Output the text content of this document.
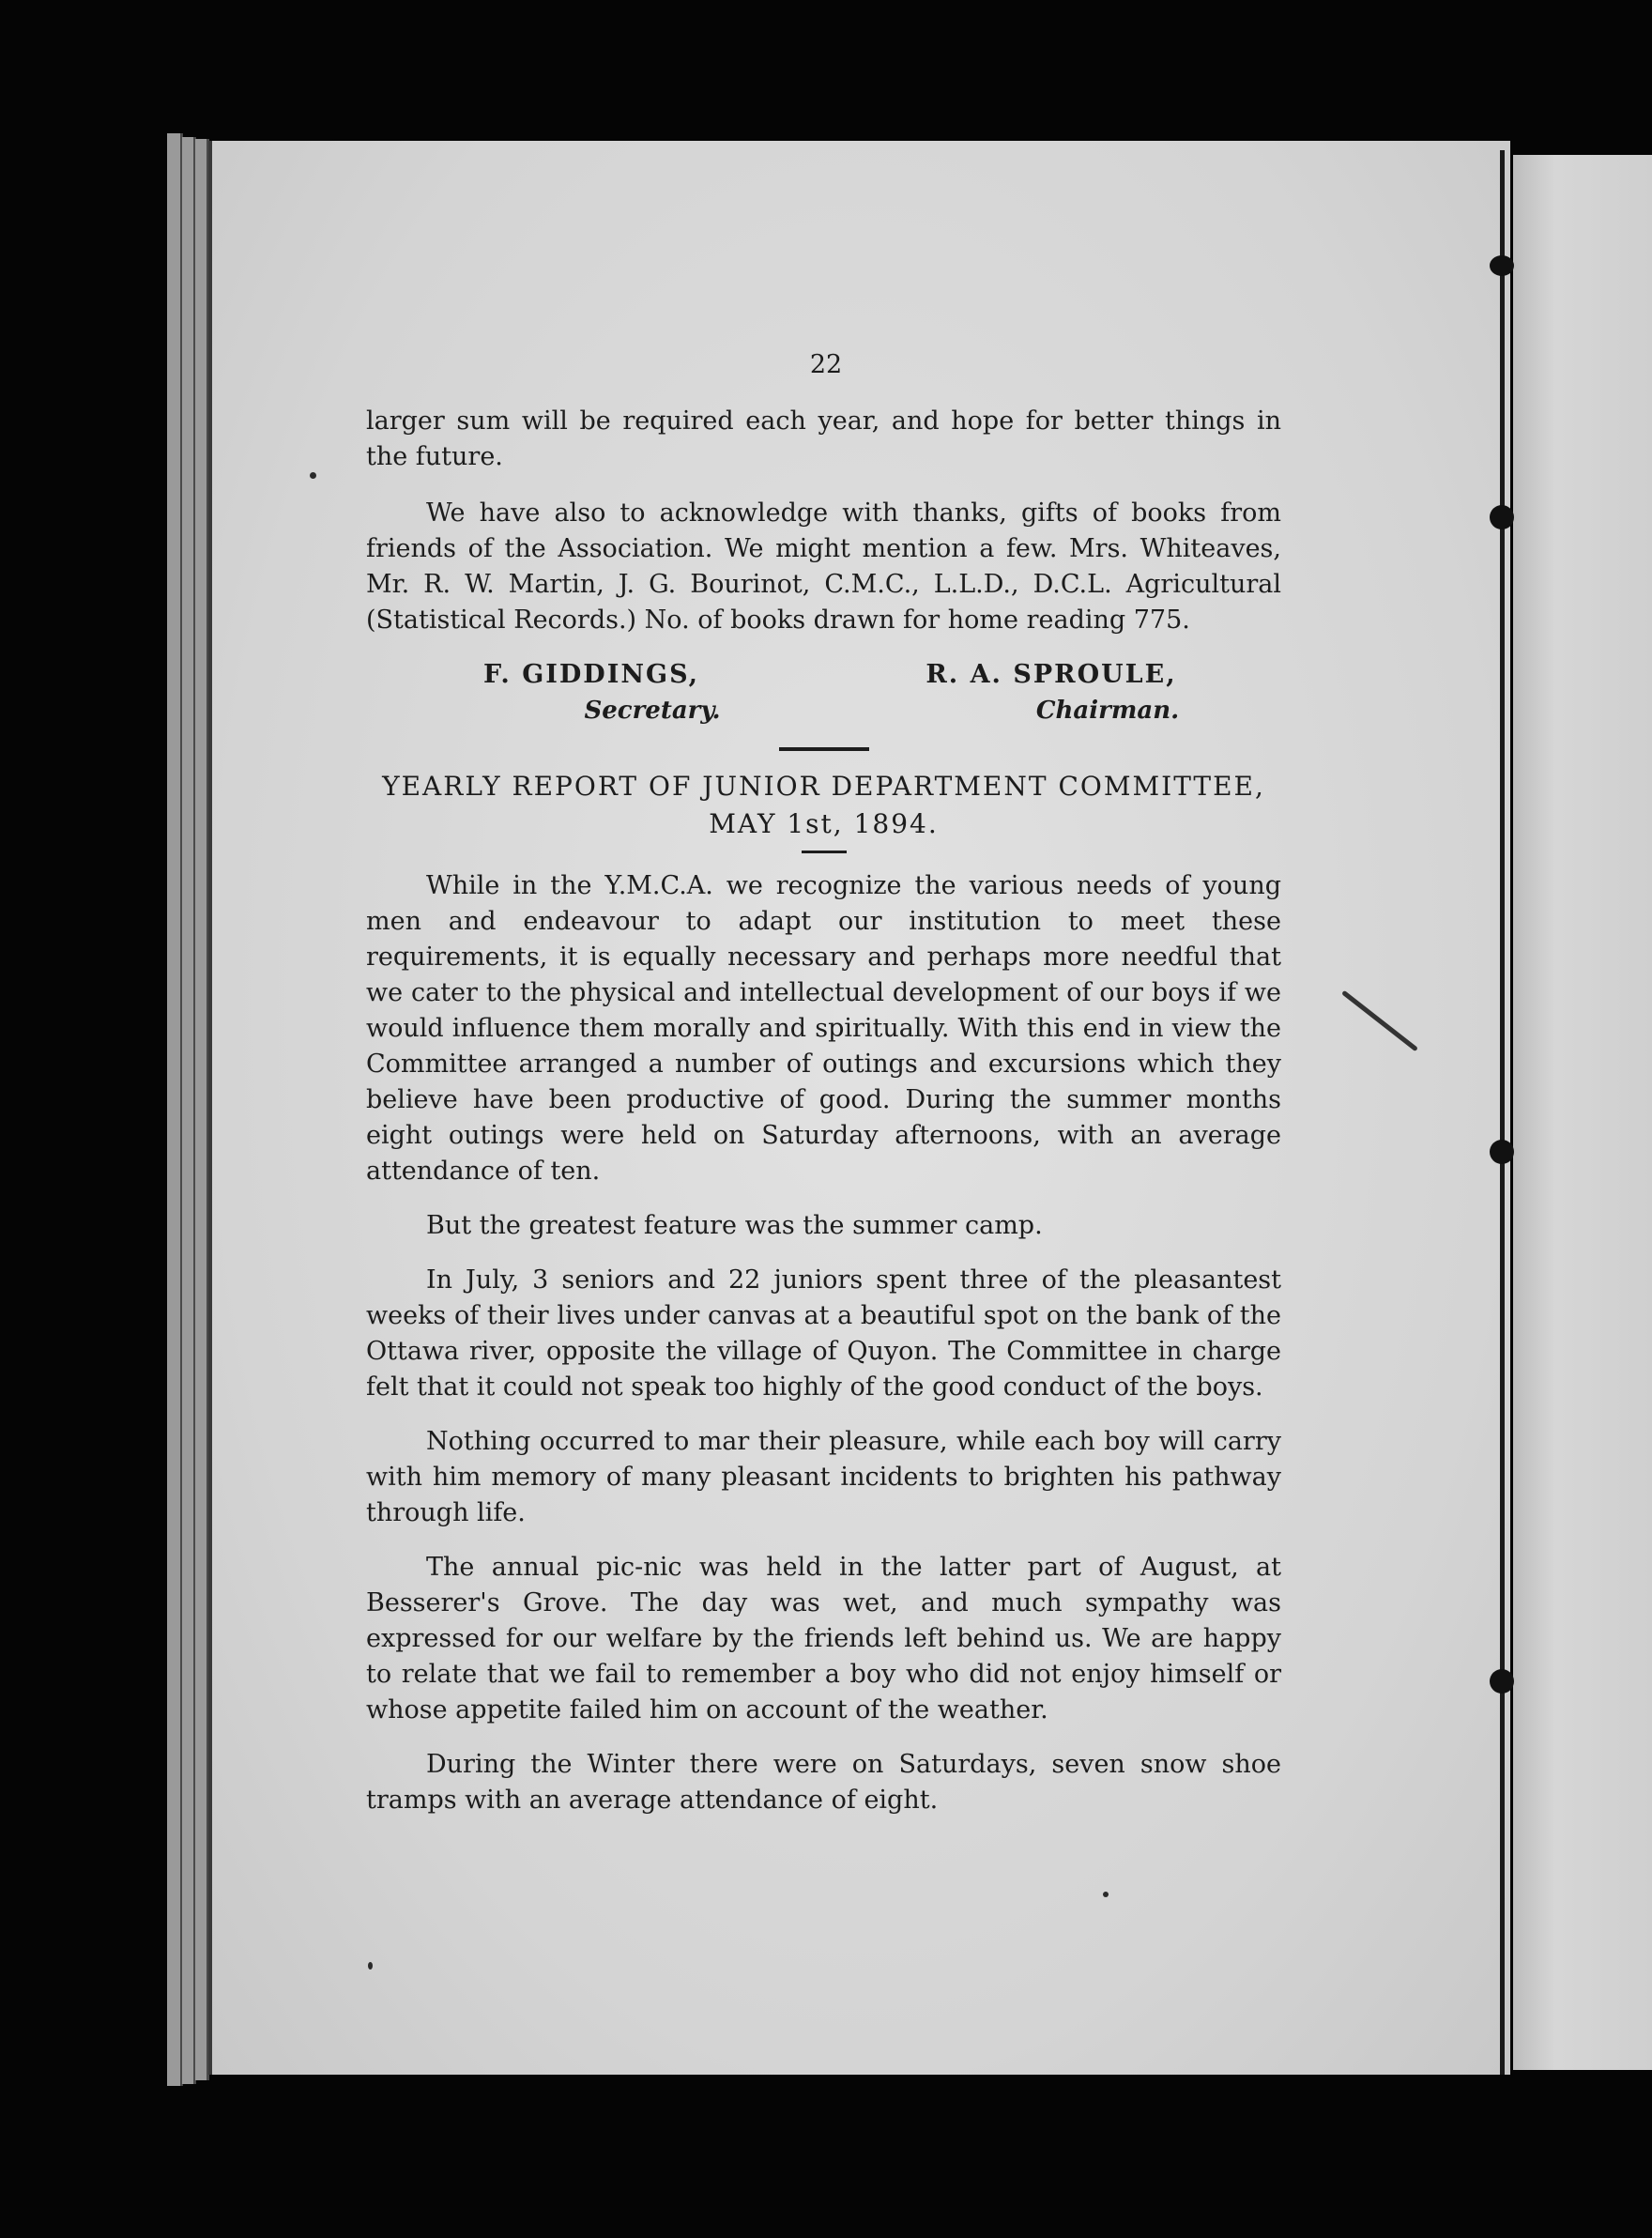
22

larger sum will be required each year, and hope for better things in the future.

We have also to acknowledge with thanks, gifts of books from friends of the Association. We might mention a few. Mrs. Whiteaves, Mr. R. W. Martin, J. G. Bourinot, C.M.C., L.L.D., D.C.L. Agricultural (Statistical Records.) No. of books drawn for home reading 775.

F. GIDDINGS,
Secretary.
R. A. SPROULE,
Chairman.
YEARLY REPORT OF JUNIOR DEPARTMENT COMMITTEE,
MAY 1st, 1894.

While in the Y.M.C.A. we recognize the various needs of young men and endeavour to adapt our institution to meet these requirements, it is equally necessary and perhaps more needful that we cater to the physical and intellectual development of our boys if we would influence them morally and spiritually. With this end in view the Committee arranged a number of outings and excursions which they believe have been productive of good. During the summer months eight outings were held on Saturday afternoons, with an average attendance of ten.

But the greatest feature was the summer camp.

In July, 3 seniors and 22 juniors spent three of the pleasantest weeks of their lives under canvas at a beautiful spot on the bank of the Ottawa river, opposite the village of Quyon. The Committee in charge felt that it could not speak too highly of the good conduct of the boys.

Nothing occurred to mar their pleasure, while each boy will carry with him memory of many pleasant incidents to brighten his pathway through life.

The annual pic-nic was held in the latter part of August, at Besserer's Grove. The day was wet, and much sympathy was expressed for our welfare by the friends left behind us. We are happy to relate that we fail to remember a boy who did not enjoy himself or whose appetite failed him on account of the weather.

During the Winter there were on Saturdays, seven snow shoe tramps with an average attendance of eight.
